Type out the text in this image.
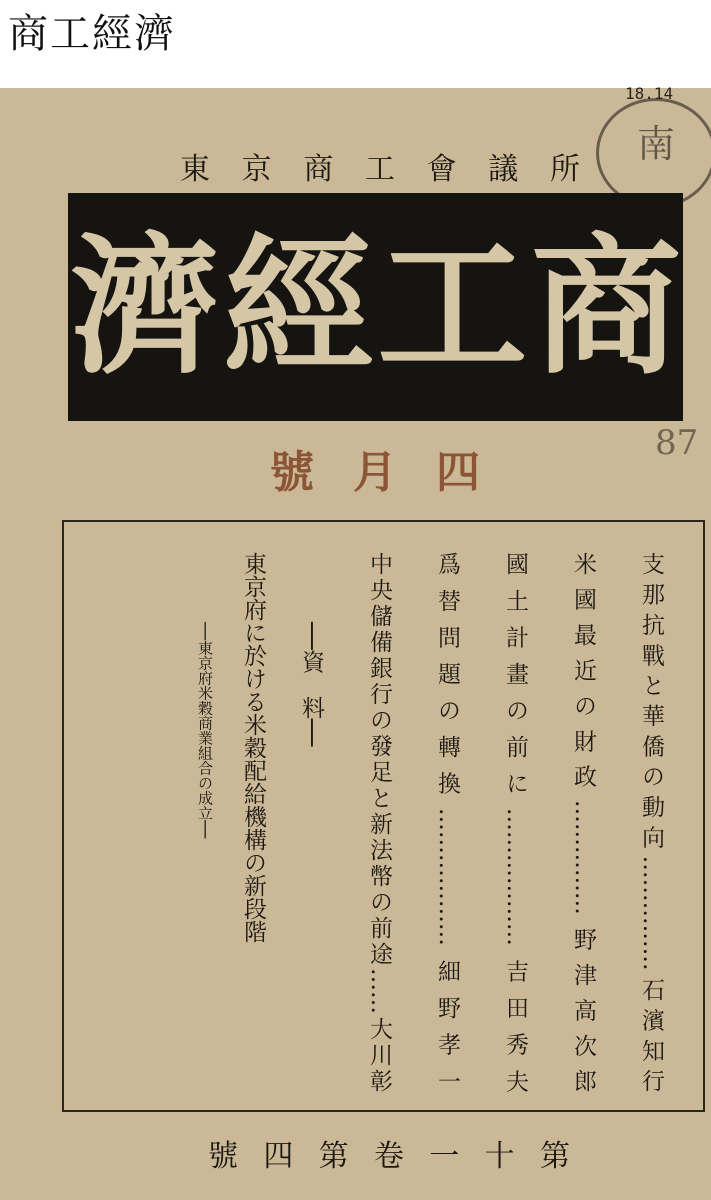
商工經濟
18.14
東 京 商 工 會 議 所
南
商
工
經
濟
87
四
月
號
支那抗戰と華僑の動向……………石濱知行
米國最近の財政……………野津高次郎
國土計畫の前に………………吉田秀夫
爲替問題の轉換………………細野孝一
中央儲備銀行の發足と新法幣の前途……大川彰
──資　料──
東京府に於ける米穀配給機構の新段階
──東京府米穀商業組合の成立──
第
十
一
卷
第
四
號
